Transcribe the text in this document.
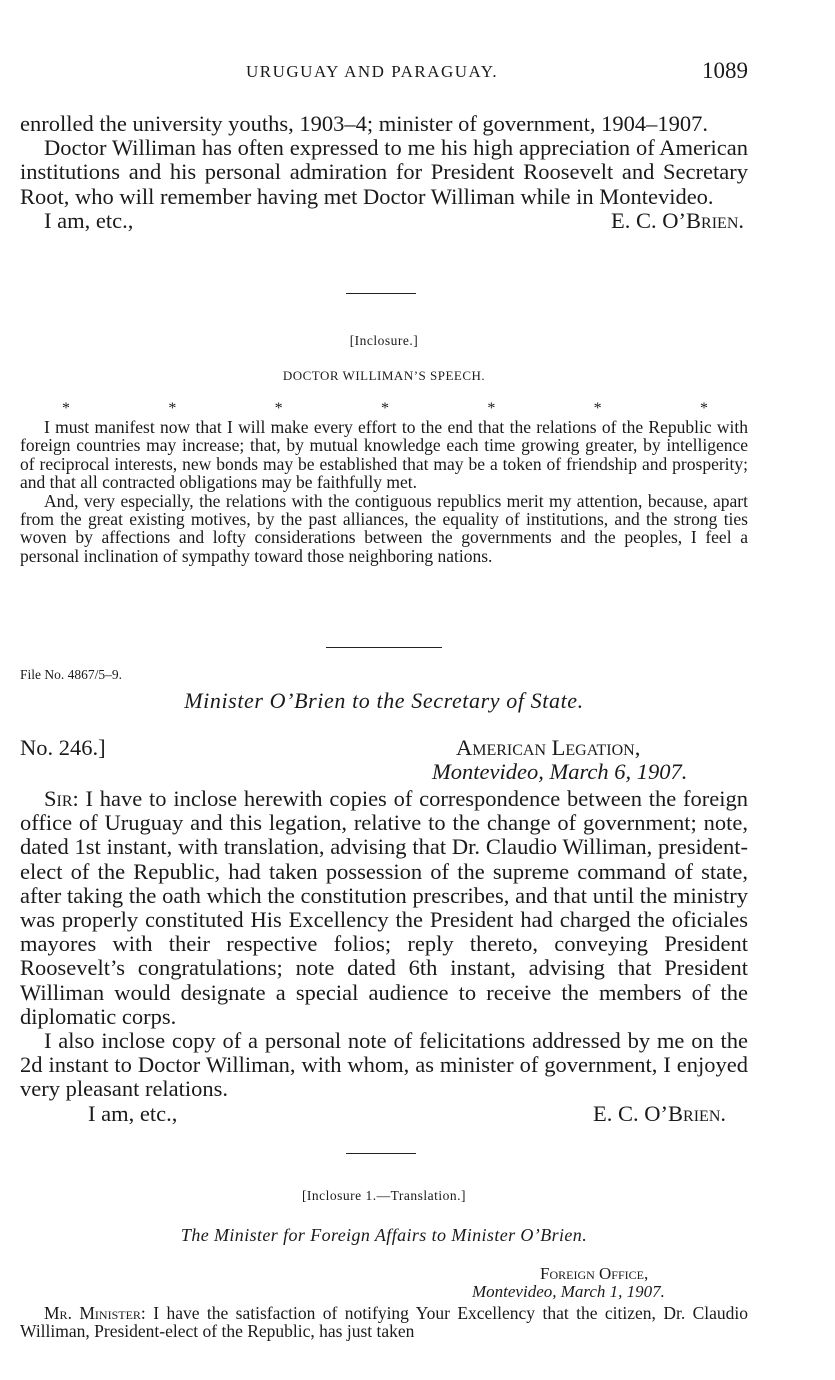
URUGUAY AND PARAGUAY.	1089

enrolled the university youths, 1903–4; minister of government, 1904–1907.

Doctor Williman has often expressed to me his high appreciation of American institutions and his personal admiration for President Roosevelt and Secretary Root, who will remember having met Doctor Williman while in Montevideo.

I am, etc.,	E. C. O’Brien.
[Inclosure.]
DOCTOR WILLIMAN’S SPEECH.
*	*	*	*	*	*	*

I must manifest now that I will make every effort to the end that the relations of the Republic with foreign countries may increase; that, by mutual knowledge each time growing greater, by intelligence of reciprocal interests, new bonds may be established that may be a token of friendship and prosperity; and that all contracted obligations may be faithfully met.

And, very especially, the relations with the contiguous republics merit my attention, because, apart from the great existing motives, by the past alliances, the equality of institutions, and the strong ties woven by affections and lofty considerations between the governments and the peoples, I feel a personal inclination of sympathy toward those neighboring nations.

File No. 4867/5–9.
Minister O’Brien to the Secretary of State.
No. 246.]	American Legation,
Montevideo, March 6, 1907.

Sir: I have to inclose herewith copies of correspondence between the foreign office of Uruguay and this legation, relative to the change of government; note, dated 1st instant, with translation, advising that Dr. Claudio Williman, president-elect of the Republic, had taken possession of the supreme command of state, after taking the oath which the constitution prescribes, and that until the ministry was properly constituted His Excellency the President had charged the oficiales mayores with their respective folios; reply thereto, conveying President Roosevelt’s congratulations; note dated 6th instant, advising that President Williman would designate a special audience to receive the members of the diplomatic corps.

I also inclose copy of a personal note of felicitations addressed by me on the 2d instant to Doctor Williman, with whom, as minister of government, I enjoyed very pleasant relations.

I am, etc.,	E. C. O’Brien.
[Inclosure 1.—Translation.]
The Minister for Foreign Affairs to Minister O’Brien.
Foreign Office,
Montevideo, March 1, 1907.

Mr. Minister: I have the satisfaction of notifying Your Excellency that the citizen, Dr. Claudio Williman, President-elect of the Republic, has just taken
